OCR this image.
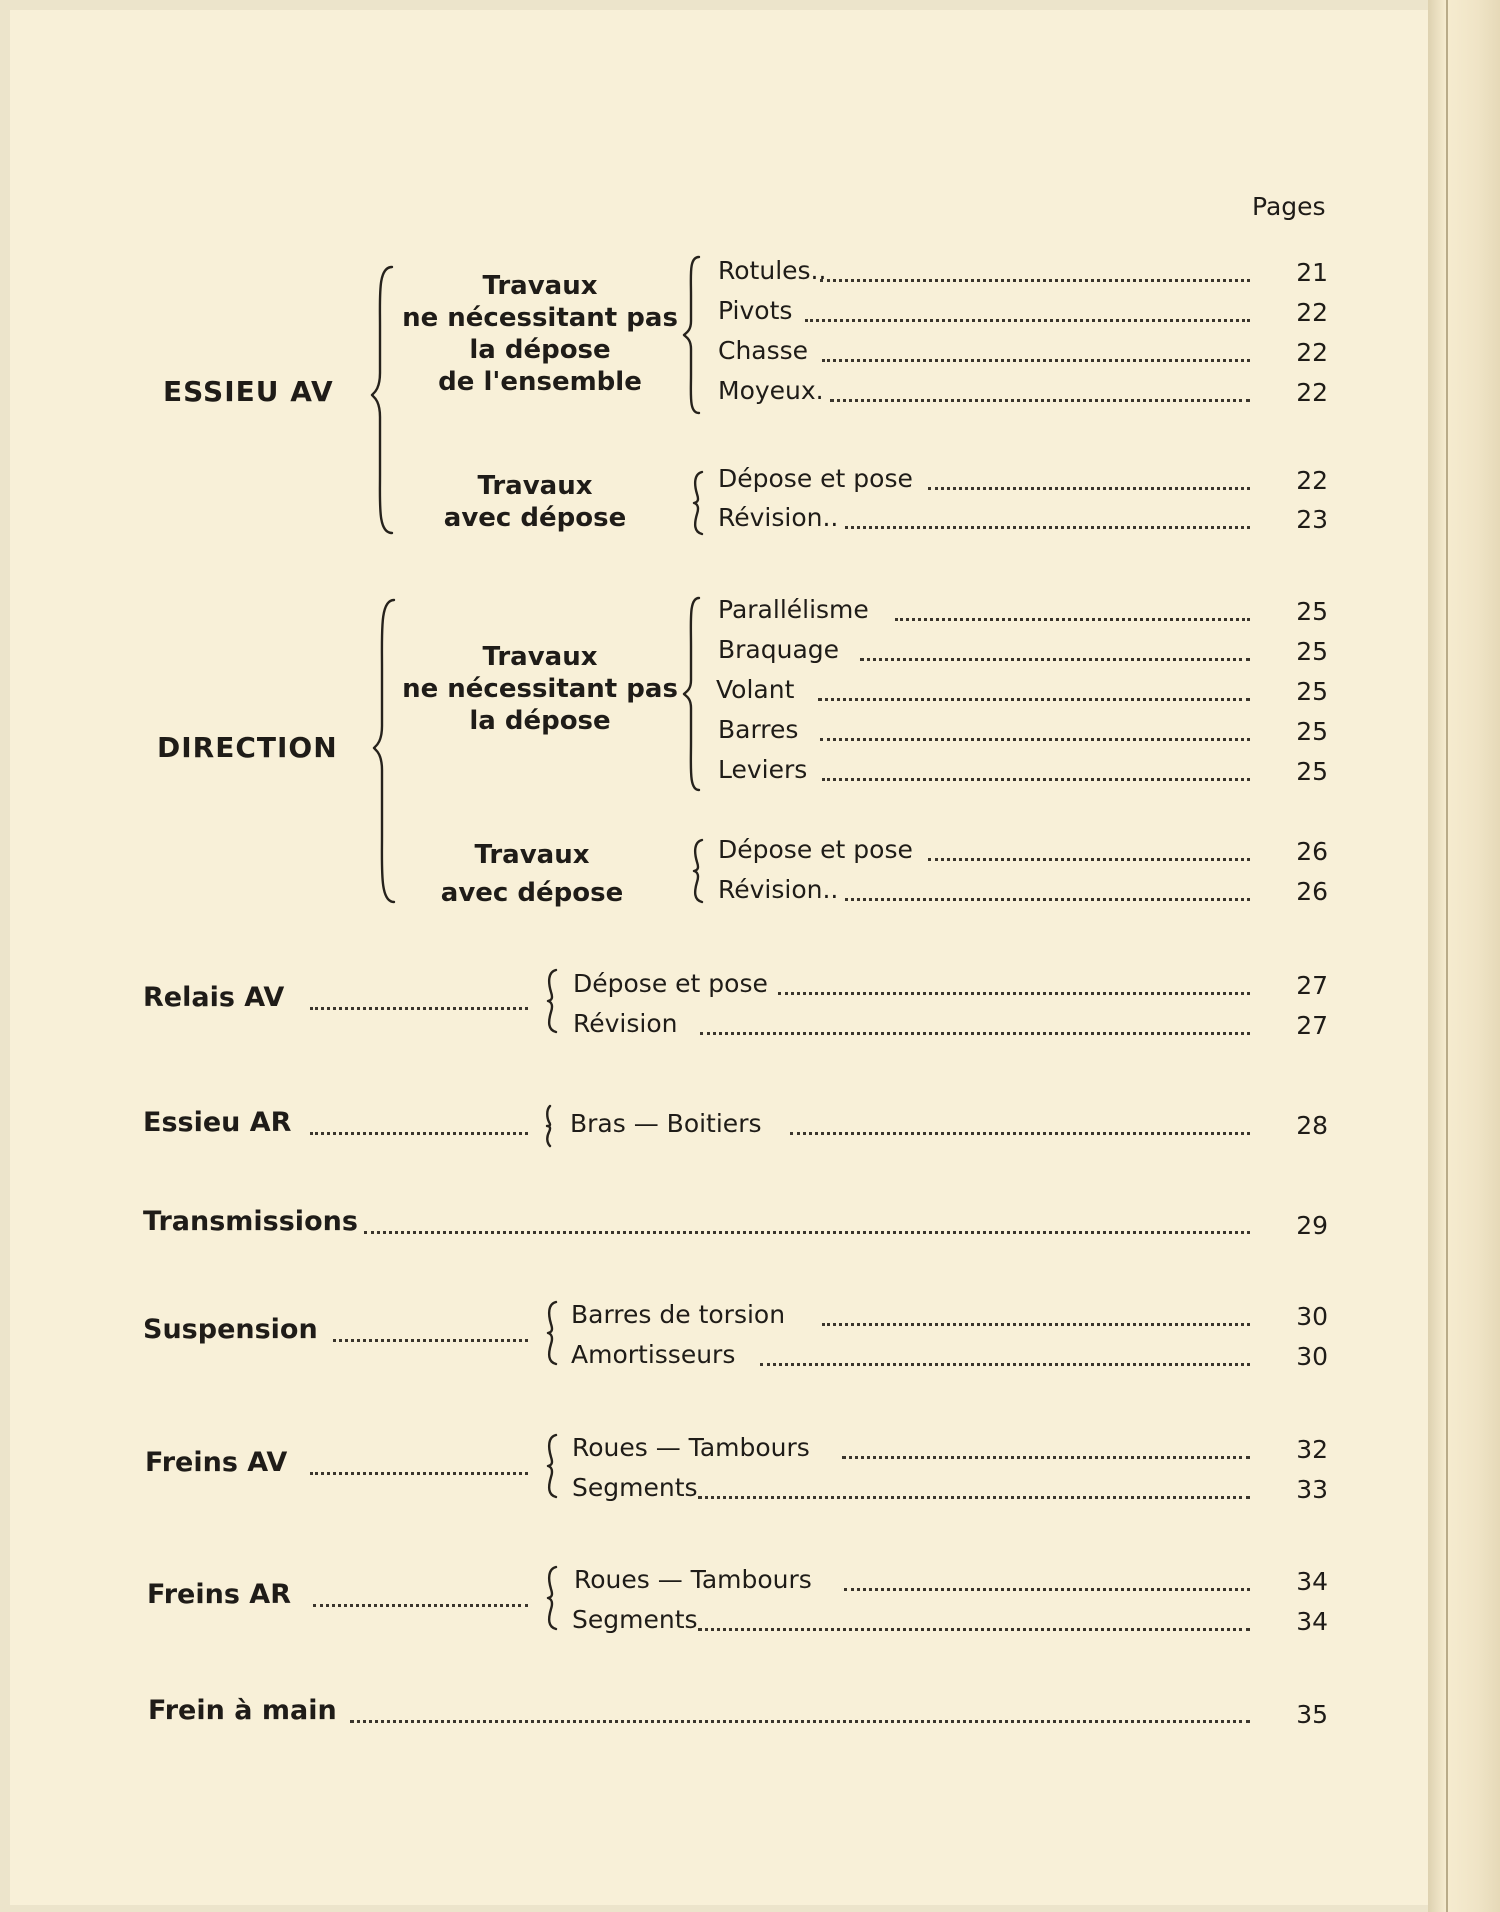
Pages
ESSIEU AV
Travaux
ne nécessitant pas
la dépose
de l'ensemble
Rotules..	21
Pivots	22
Chasse	22
Moyeux.	22
Travaux
avec dépose
Dépose et pose	22
Révision..	23
DIRECTION
Travaux
ne nécessitant pas
la dépose
Parallélisme	25
Braquage	25
Volant	25
Barres	25
Leviers	25
Travaux
avec dépose
Dépose et pose	26
Révision..	26
Relais AV	Dépose et pose	27
Révision	27
Essieu AR	Bras — Boitiers	28
Transmissions	29
Suspension	Barres de torsion	30
Amortisseurs	30
Freins AV	Roues — Tambours	32
Segments	33
Freins AR	Roues — Tambours	34
Segments	34
Frein à main	35
